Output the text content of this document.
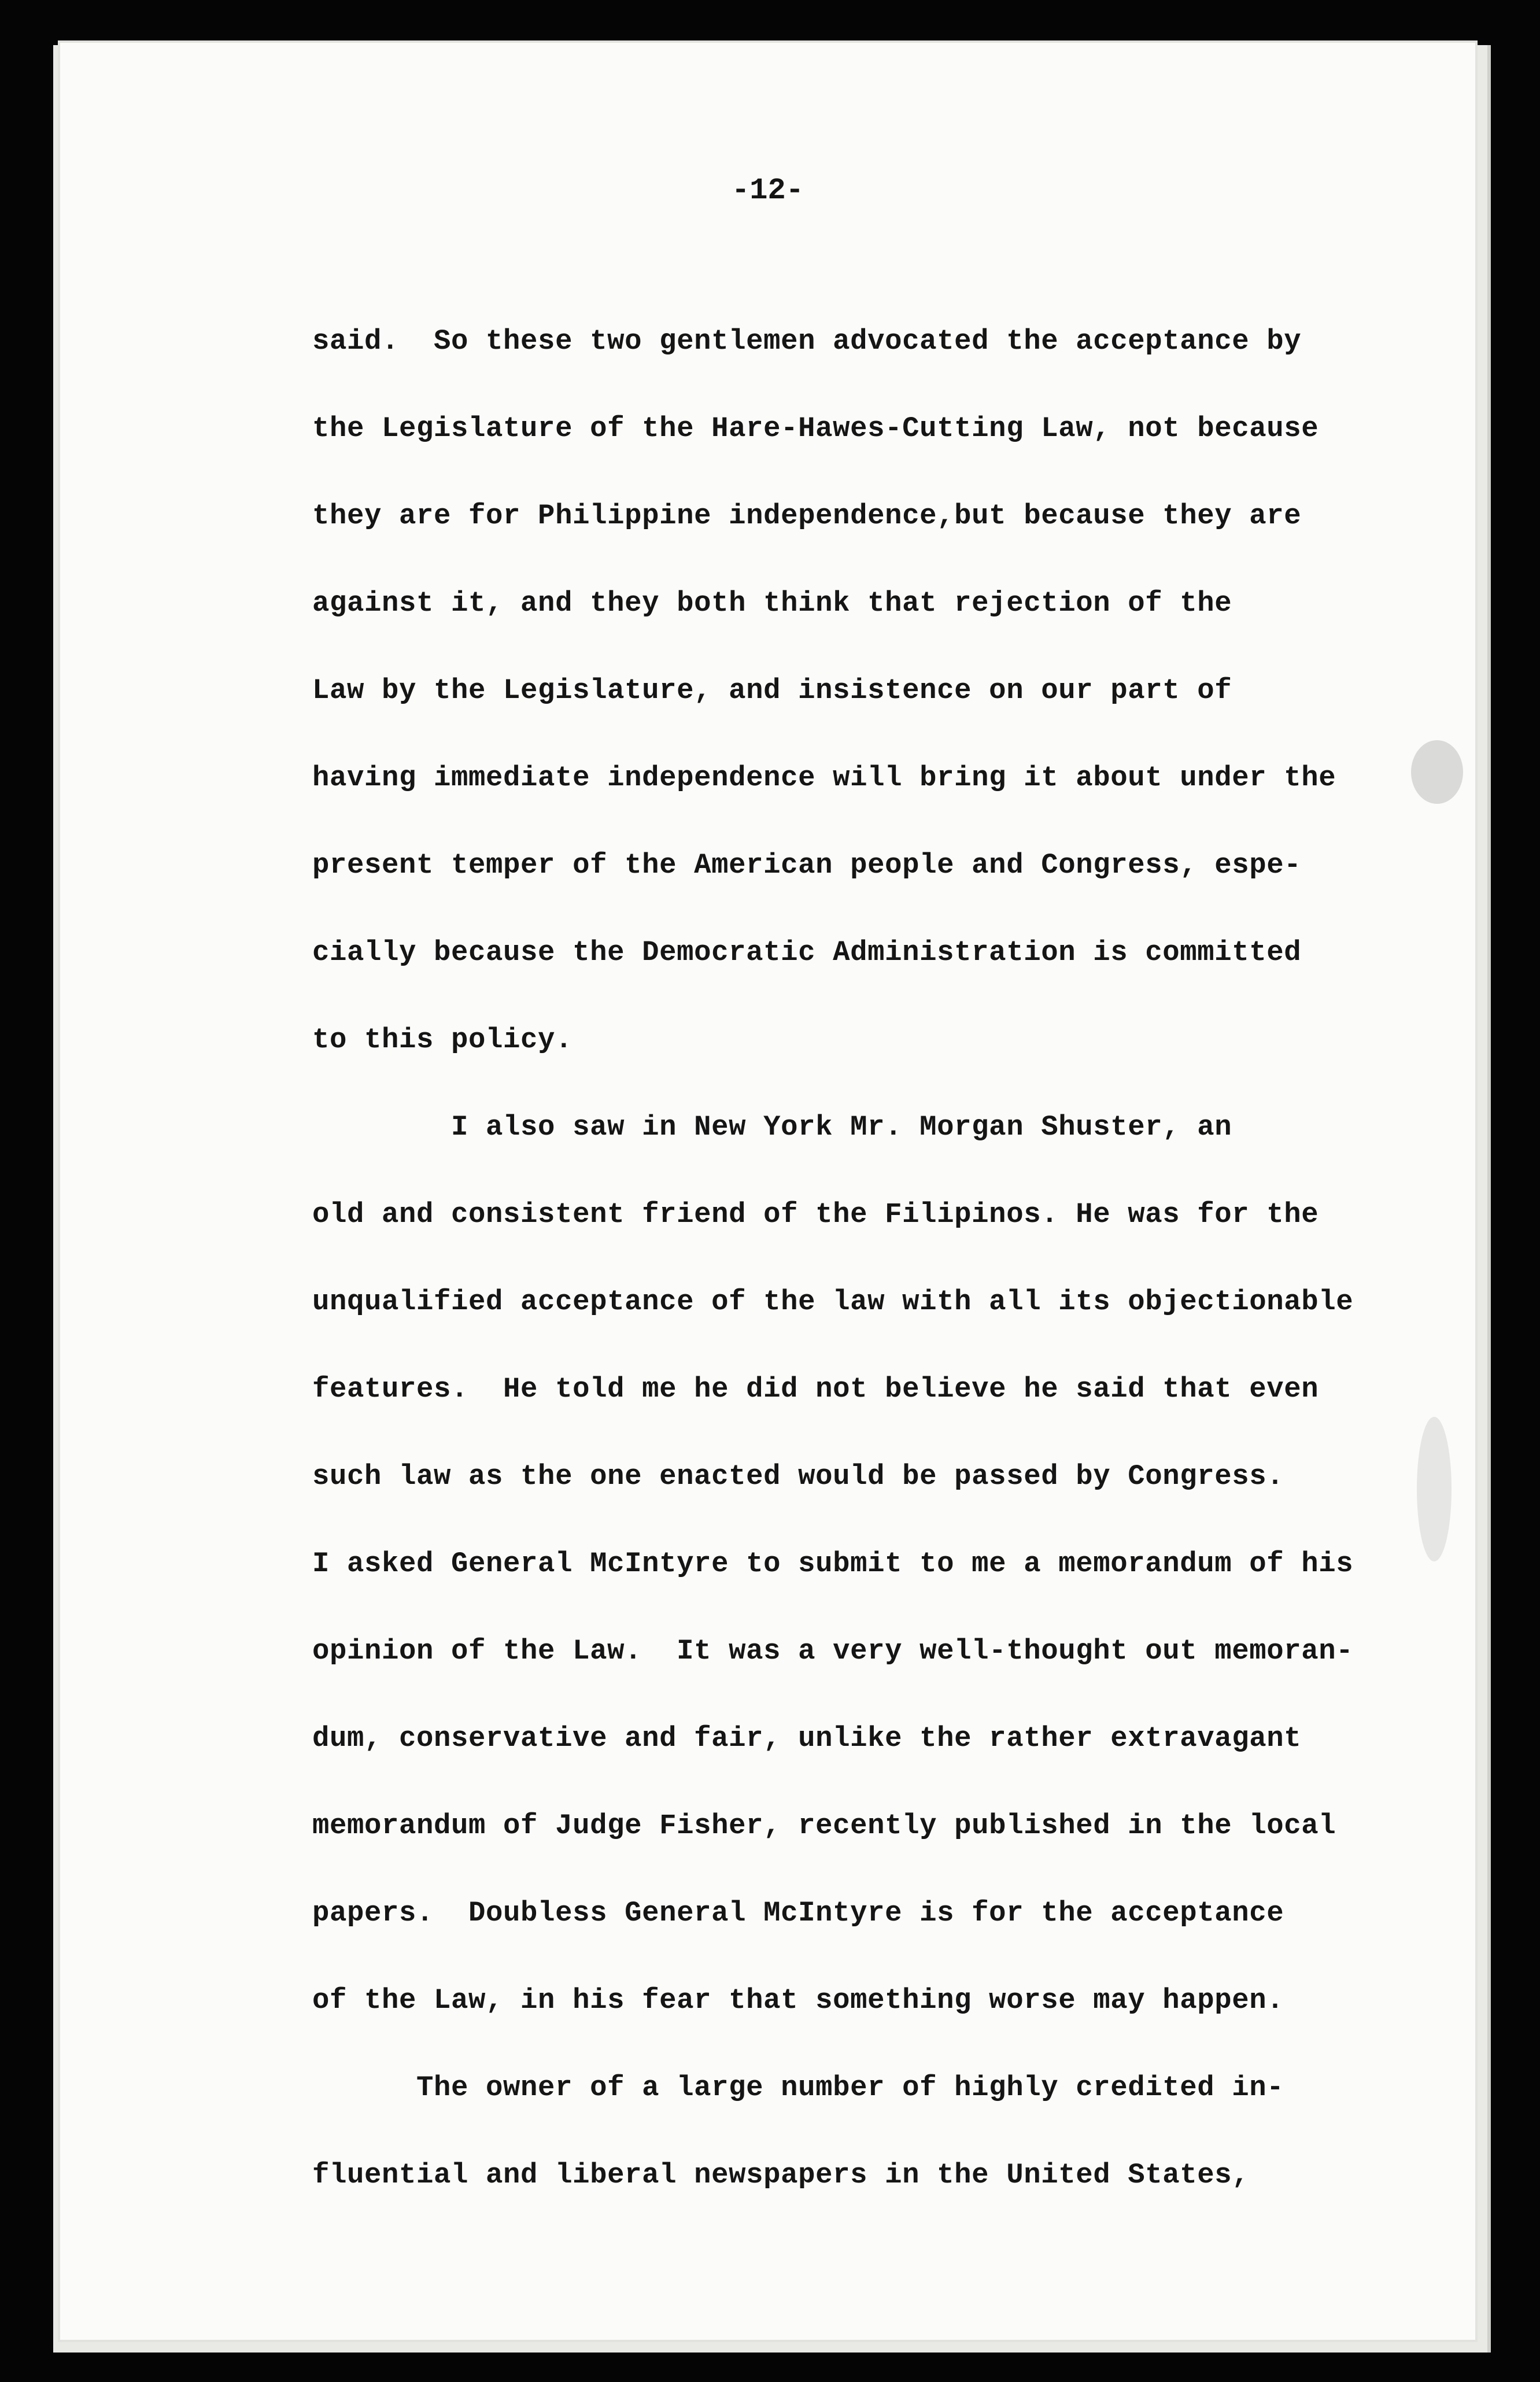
-12-
said.  So these two gentlemen advocated the acceptance by
the Legislature of the Hare-Hawes-Cutting Law, not because
they are for Philippine independence,but because they are
against it, and they both think that rejection of the
Law by the Legislature, and insistence on our part of
having immediate independence will bring it about under the
present temper of the American people and Congress, espe-
cially because the Democratic Administration is committed
to this policy.
I also saw in New York Mr. Morgan Shuster, an
old and consistent friend of the Filipinos. He was for the
unqualified acceptance of the law with all its objectionable
features.  He told me he did not believe he said that even
such law as the one enacted would be passed by Congress.
I asked General McIntyre to submit to me a memorandum of his
opinion of the Law.  It was a very well-thought out memoran-
dum, conservative and fair, unlike the rather extravagant
memorandum of Judge Fisher, recently published in the local
papers.  Doubless General McIntyre is for the acceptance
of the Law, in his fear that something worse may happen.
The owner of a large number of highly credited in-
fluential and liberal newspapers in the United States,
